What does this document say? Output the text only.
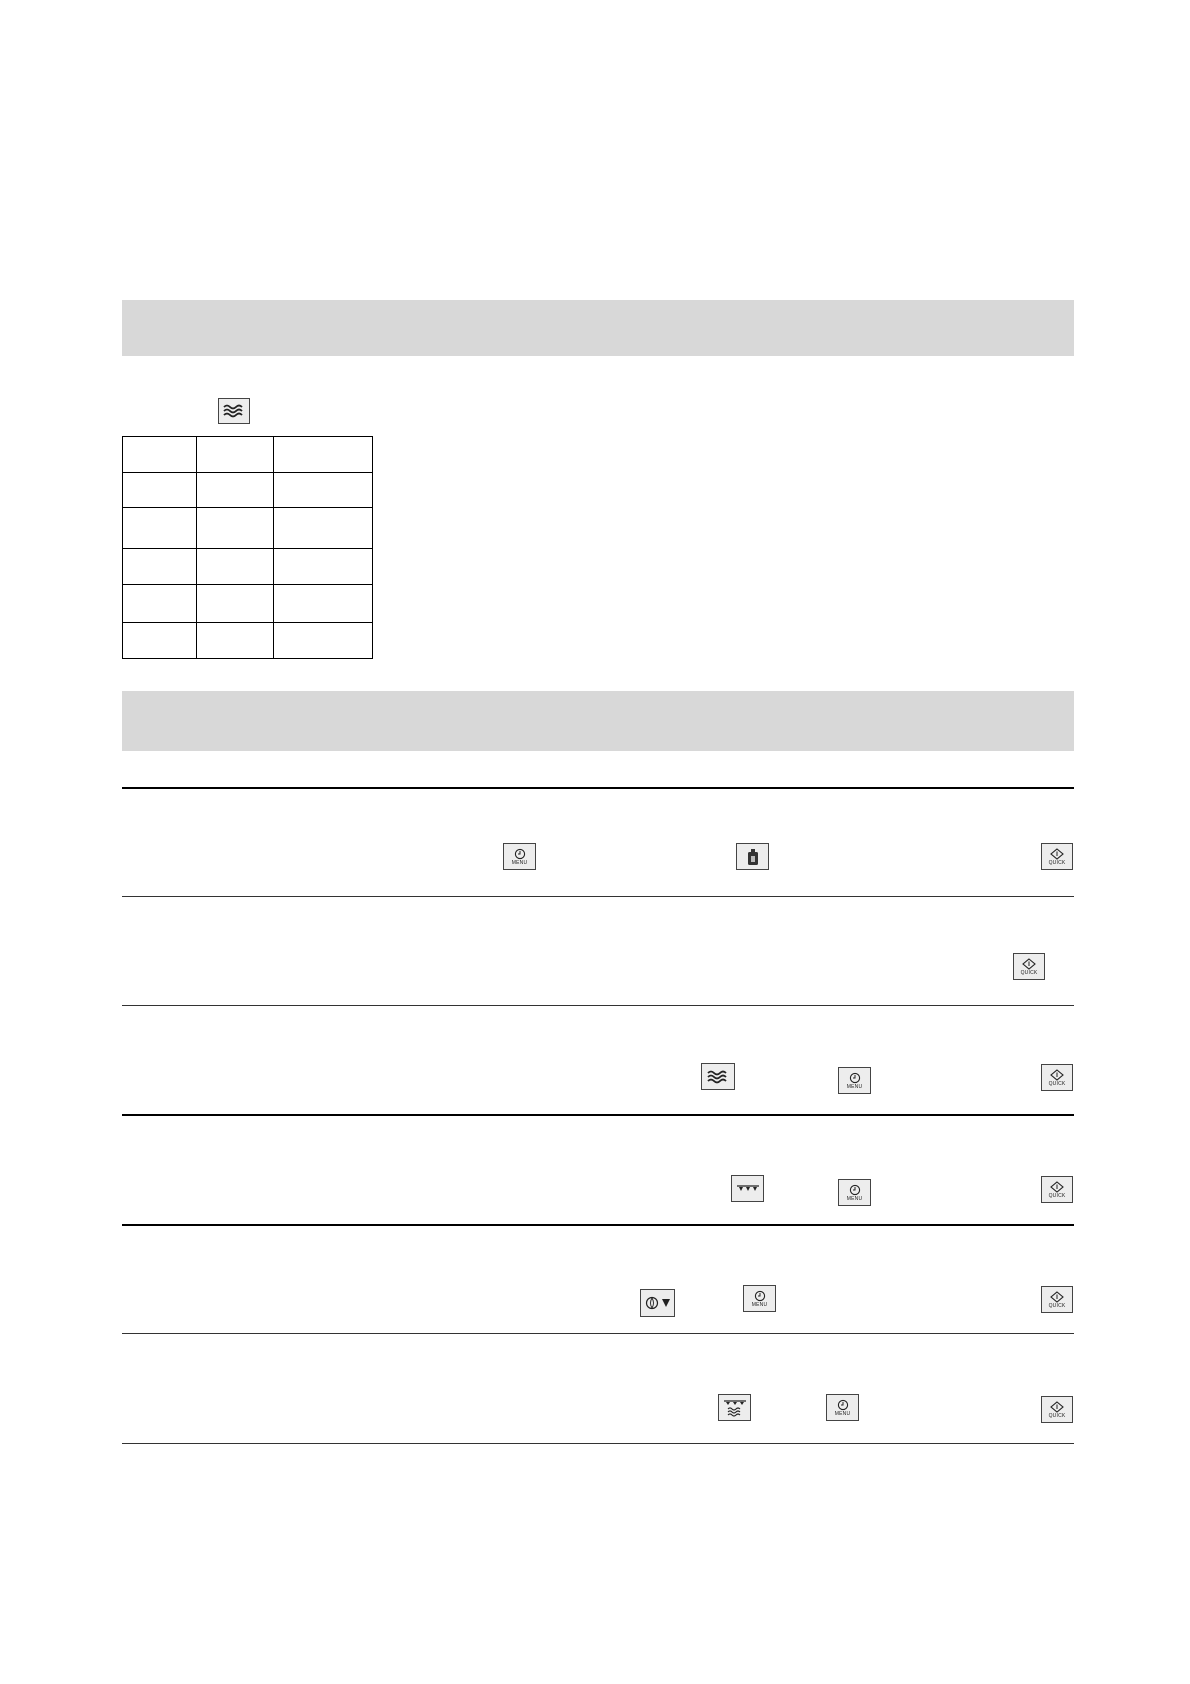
MENU	QUICK
QUICK
MENU	QUICK
MENU	QUICK
MENU	QUICK
MENU	QUICK
